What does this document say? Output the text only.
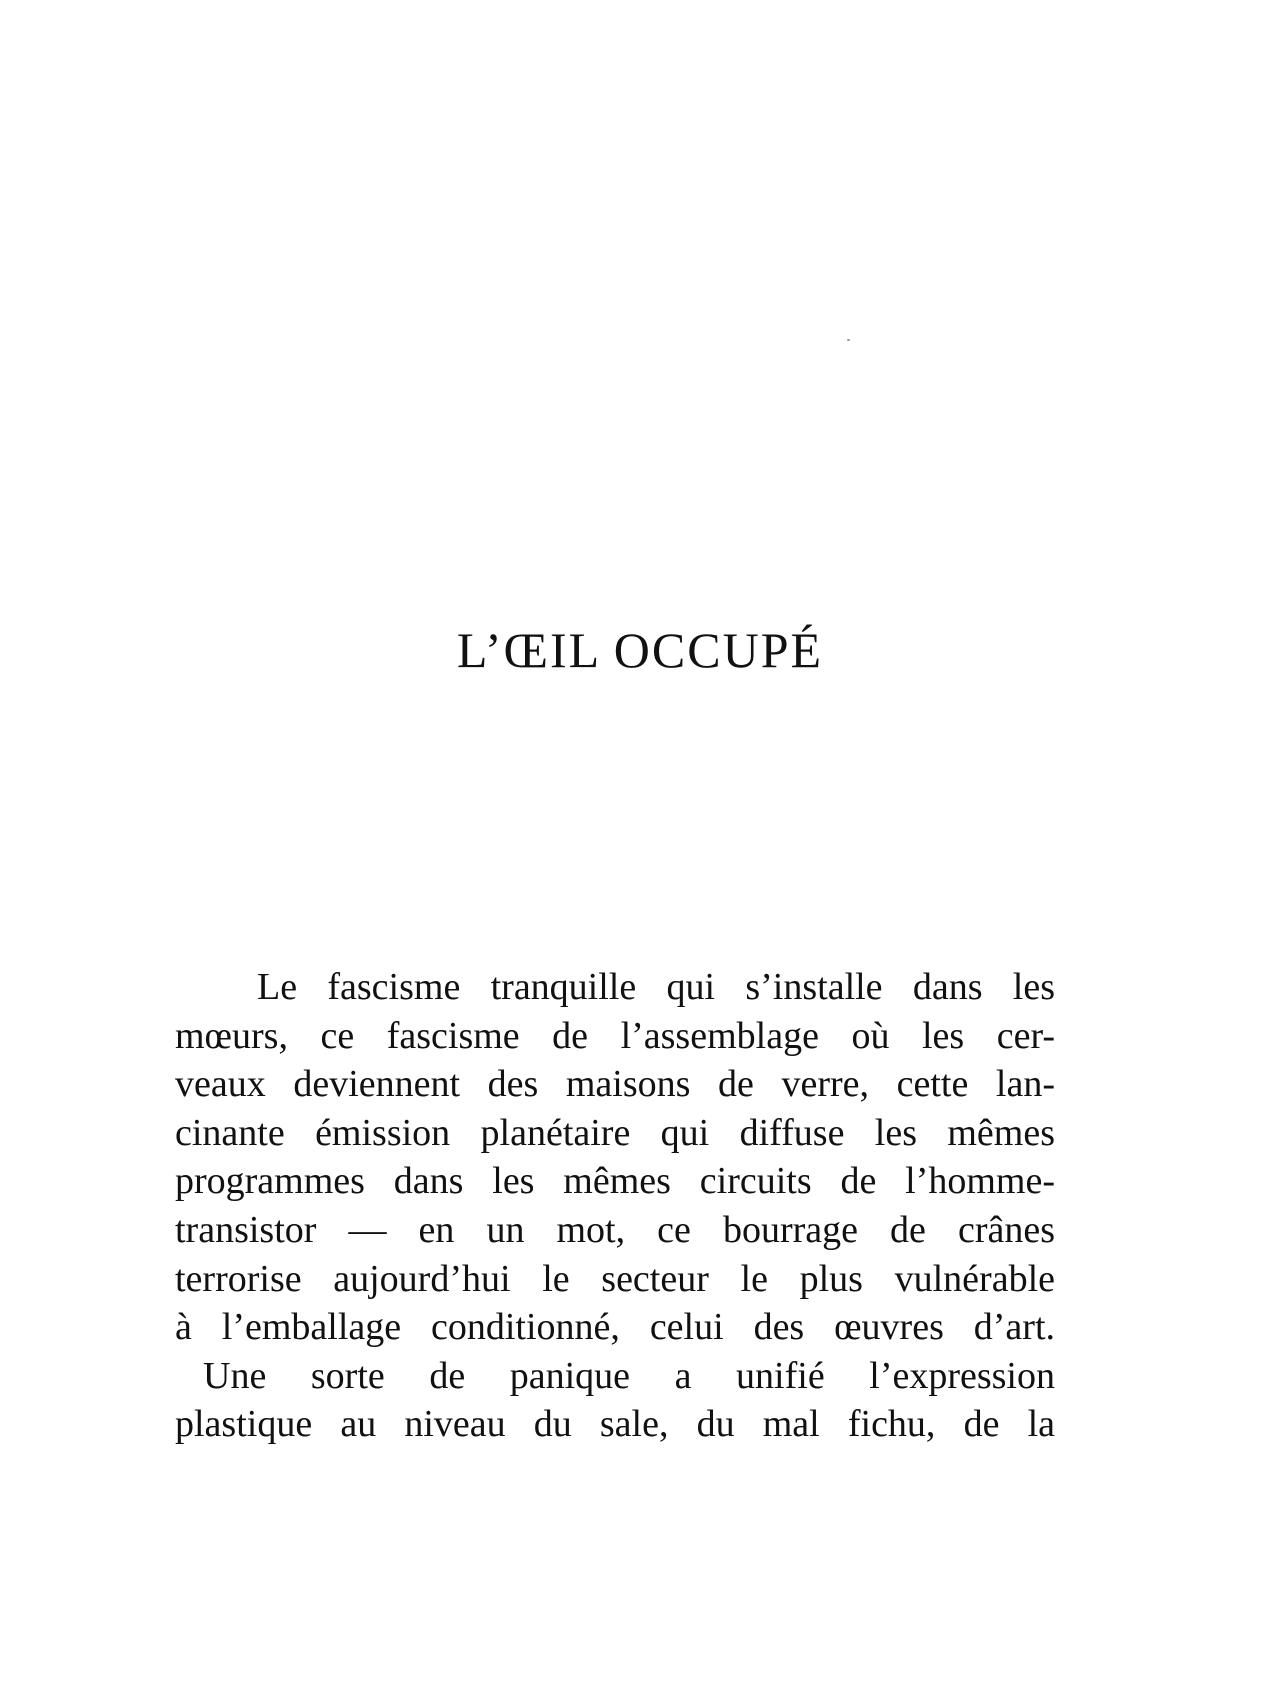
L’ŒIL OCCUPÉ
Le fascisme tranquille qui s’installe dans les
mœurs, ce fascisme de l’assemblage où les cer-
veaux deviennent des maisons de verre, cette lan-
cinante émission planétaire qui diffuse les mêmes
programmes dans les mêmes circuits de l’homme-
transistor — en un mot, ce bourrage de crânes
terrorise aujourd’hui le secteur le plus vulnérable
à l’emballage conditionné, celui des œuvres d’art.
Une sorte de panique a unifié l’expression
plastique au niveau du sale, du mal fichu, de la
